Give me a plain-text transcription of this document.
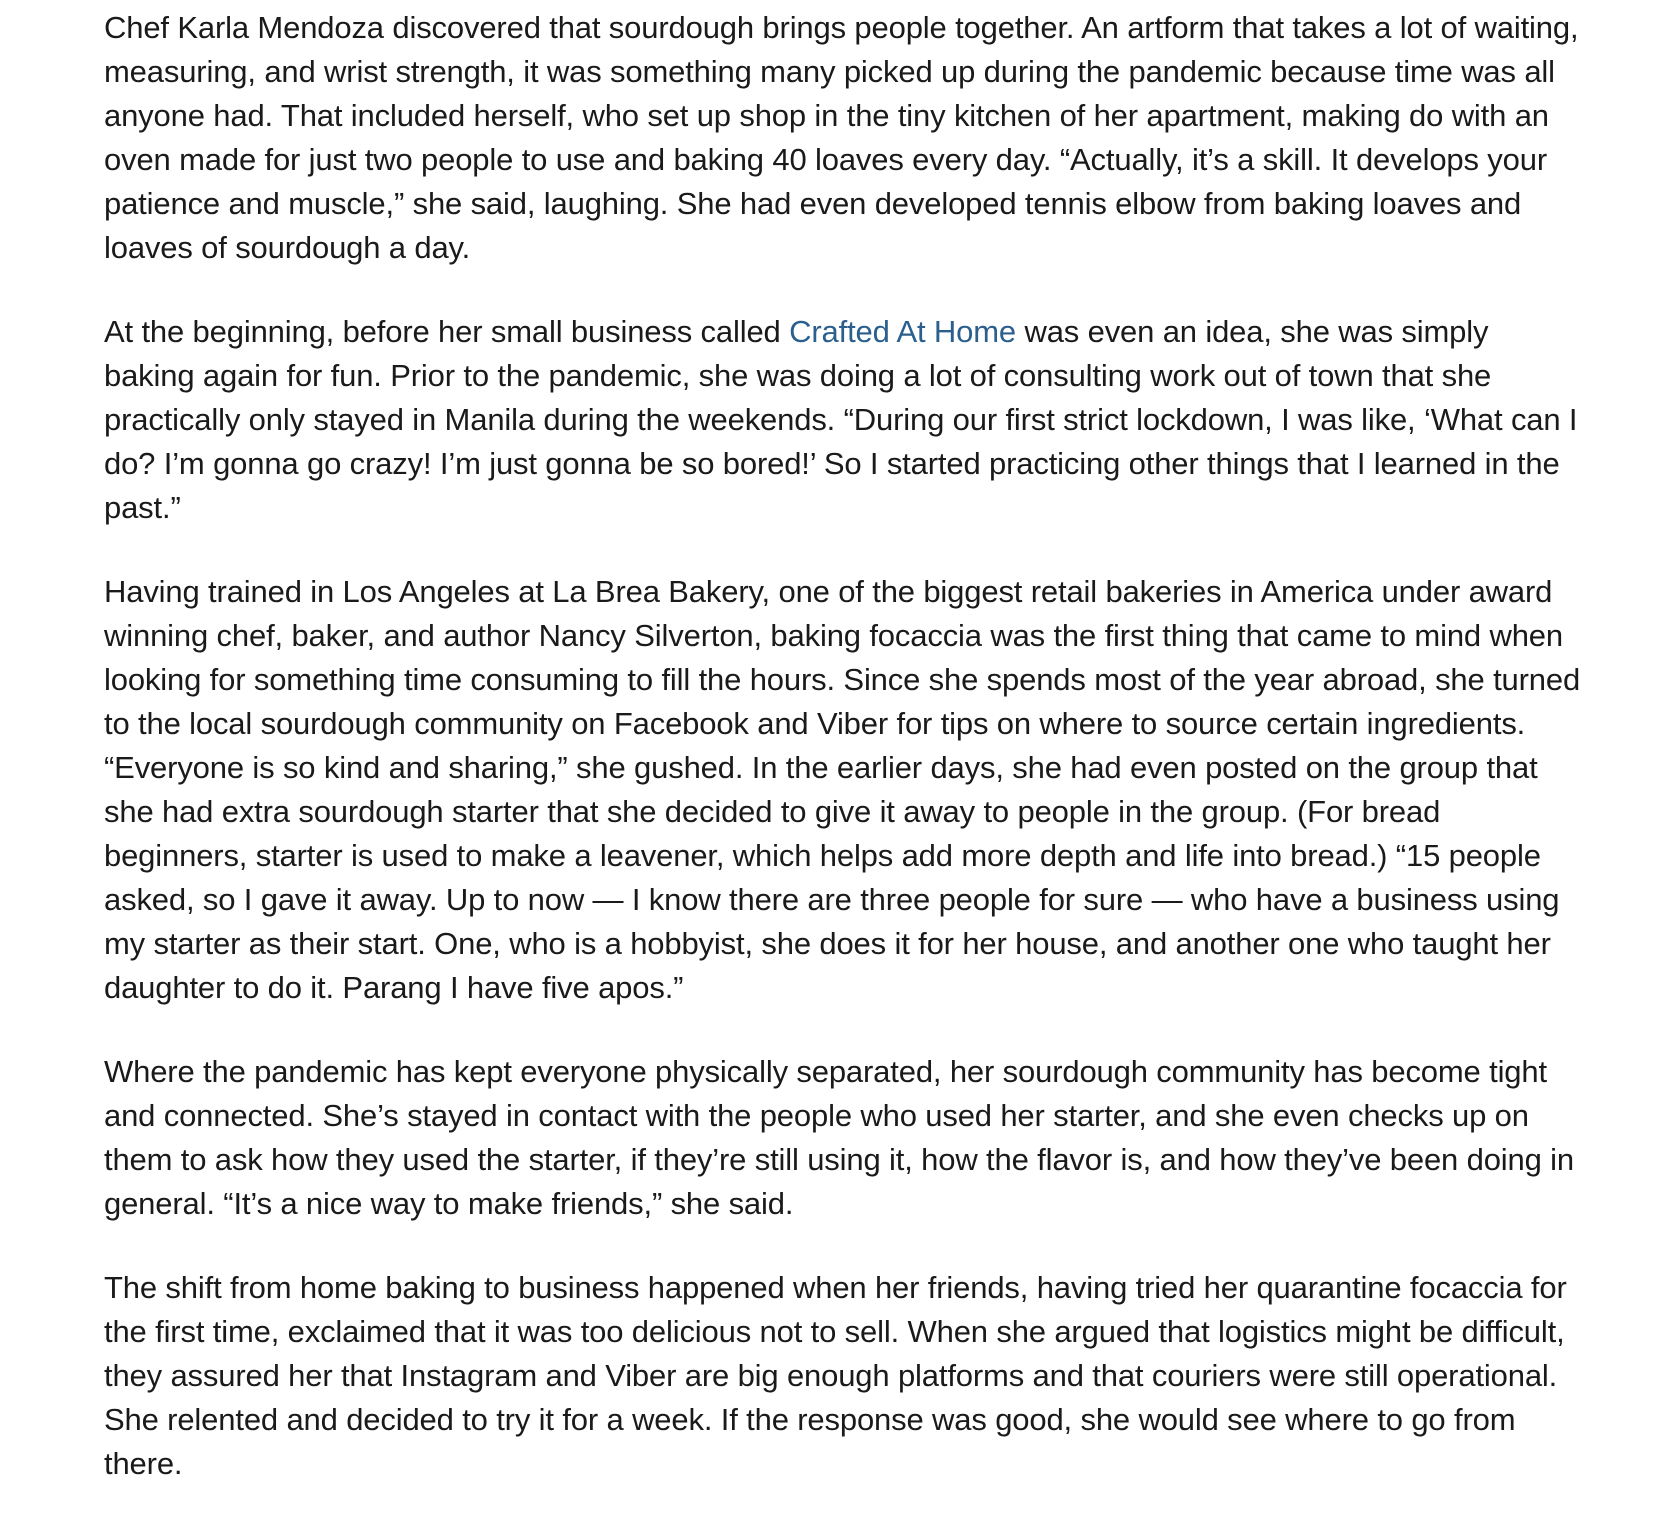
Chef Karla Mendoza discovered that sourdough brings people together. An artform that takes a lot of waiting, measuring, and wrist strength, it was something many picked up during the pandemic because time was all anyone had. That included herself, who set up shop in the tiny kitchen of her apartment, making do with an oven made for just two people to use and baking 40 loaves every day. “Actually, it’s a skill. It develops your patience and muscle,” she said, laughing. She had even developed tennis elbow from baking loaves and loaves of sourdough a day.

At the beginning, before her small business called Crafted At Home was even an idea, she was simply baking again for fun. Prior to the pandemic, she was doing a lot of consulting work out of town that she practically only stayed in Manila during the weekends. “During our first strict lockdown, I was like, ‘What can I do? I’m gonna go crazy! I’m just gonna be so bored!’ So I started practicing other things that I learned in the past.”

Having trained in Los Angeles at La Brea Bakery, one of the biggest retail bakeries in America under award winning chef, baker, and author Nancy Silverton, baking focaccia was the first thing that came to mind when looking for something time consuming to fill the hours. Since she spends most of the year abroad, she turned to the local sourdough community on Facebook and Viber for tips on where to source certain ingredients. “Everyone is so kind and sharing,” she gushed. In the earlier days, she had even posted on the group that she had extra sourdough starter that she decided to give it away to people in the group. (For bread beginners, starter is used to make a leavener, which helps add more depth and life into bread.) “15 people asked, so I gave it away. Up to now — I know there are three people for sure — who have a business using my starter as their start. One, who is a hobbyist, she does it for her house, and another one who taught her daughter to do it. Parang I have five apos.”

Where the pandemic has kept everyone physically separated, her sourdough community has become tight and connected. She’s stayed in contact with the people who used her starter, and she even checks up on them to ask how they used the starter, if they’re still using it, how the flavor is, and how they’ve been doing in general. “It’s a nice way to make friends,” she said.

The shift from home baking to business happened when her friends, having tried her quarantine focaccia for the first time, exclaimed that it was too delicious not to sell. When she argued that logistics might be difficult, they assured her that Instagram and Viber are big enough platforms and that couriers were still operational. She relented and decided to try it for a week. If the response was good, she would see where to go from there.
